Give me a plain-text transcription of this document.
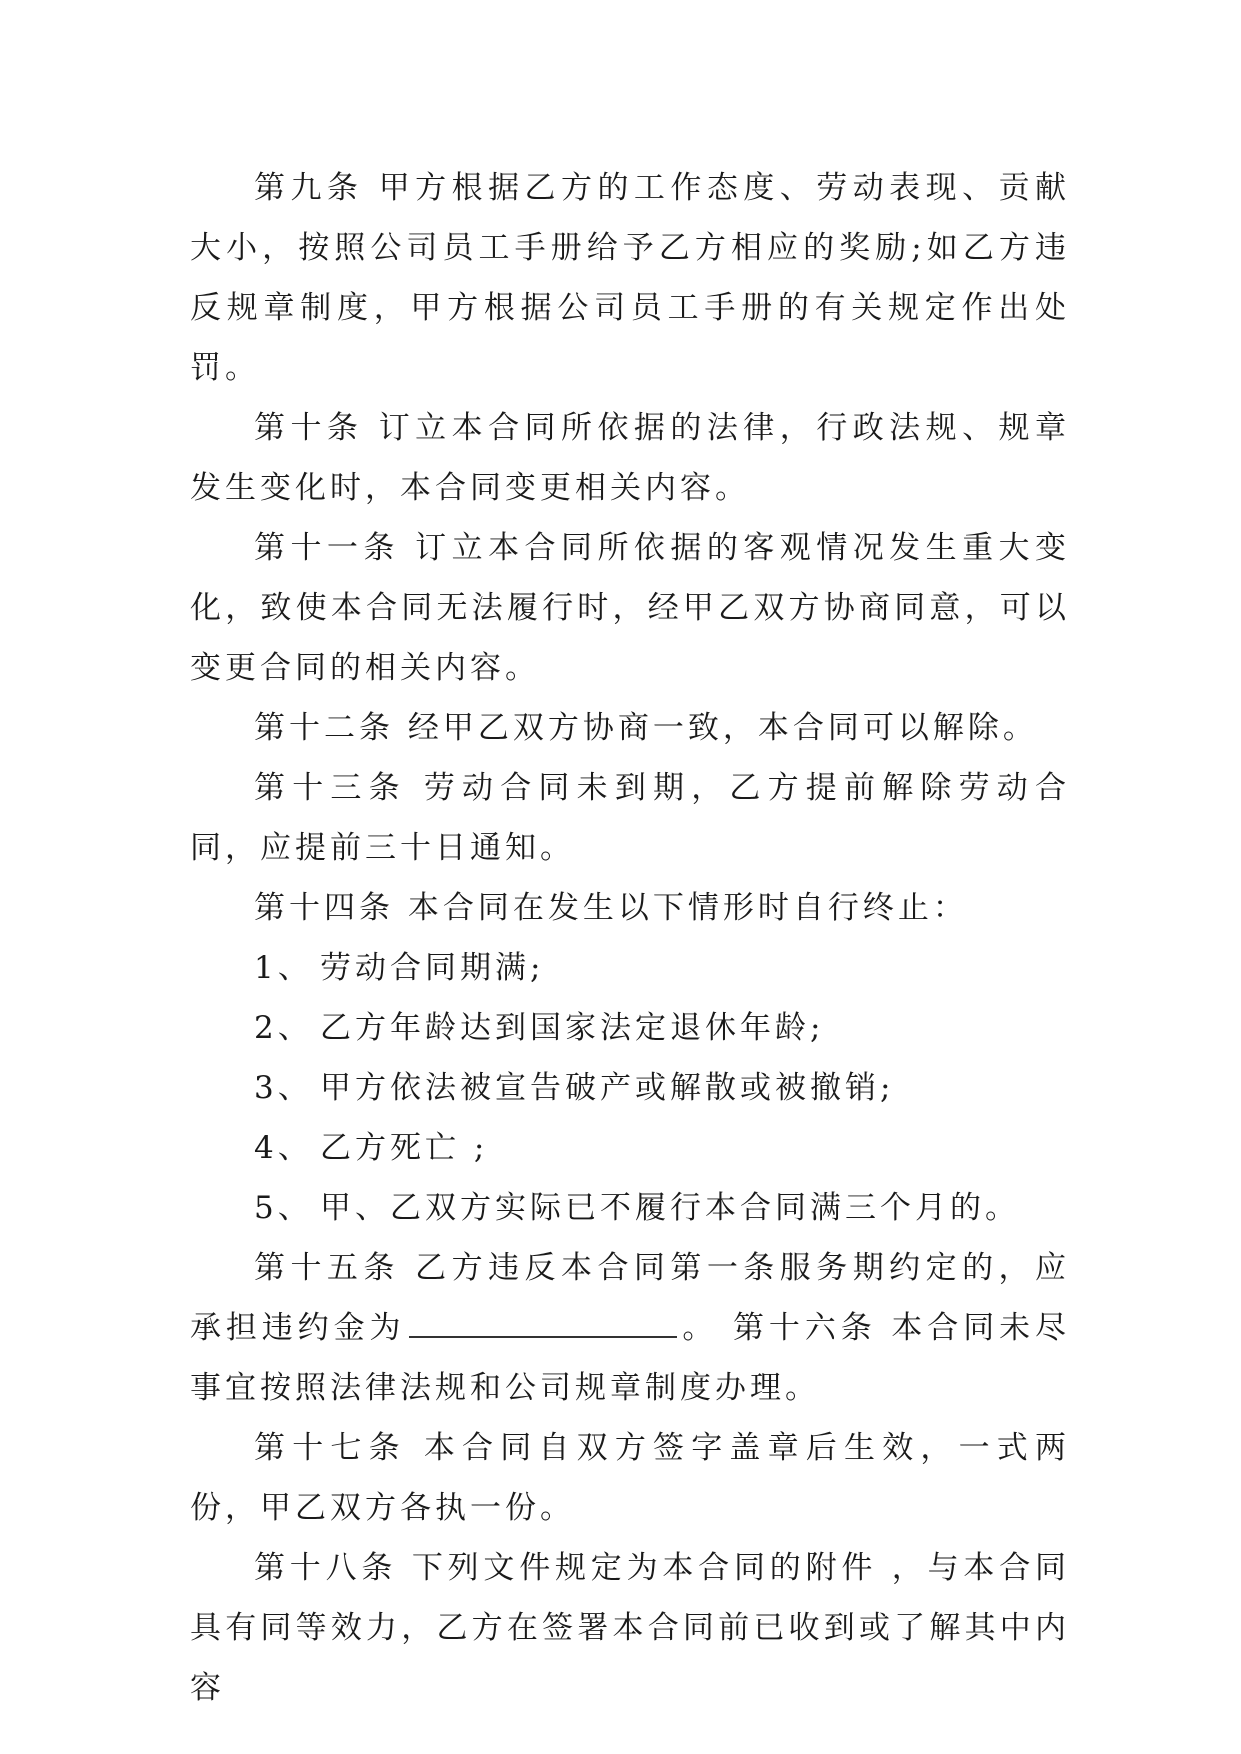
第九条 甲方根据乙方的工作态度、劳动表现、贡献大小，按照公司员工手册给予乙方相应的奖励;如乙方违反规章制度，甲方根据公司员工手册的有关规定作出处罚。

第十条 订立本合同所依据的法律，行政法规、规章发生变化时，本合同变更相关内容。

第十一条 订立本合同所依据的客观情况发生重大变化，致使本合同无法履行时，经甲乙双方协商同意，可以变更合同的相关内容。

第十二条 经甲乙双方协商一致，本合同可以解除。

第十三条 劳动合同未到期，乙方提前解除劳动合同，应提前三十日通知。

第十四条 本合同在发生以下情形时自行终止：

1、 劳动合同期满;

2、 乙方年龄达到国家法定退休年龄;

3、 甲方依法被宣告破产或解散或被撤销;

4、 乙方死亡 ;

5、 甲、乙双方实际已不履行本合同满三个月的。

第十五条 乙方违反本合同第一条服务期约定的，应承担违约金为	。 第十六条 本合同未尽事宜按照法律法规和公司规章制度办理。

第十七条 本合同自双方签字盖章后生效，一式两份，甲乙双方各执一份。

第十八条 下列文件规定为本合同的附件 ，与本合同具有同等效力，乙方在签署本合同前已收到或了解其中内容
